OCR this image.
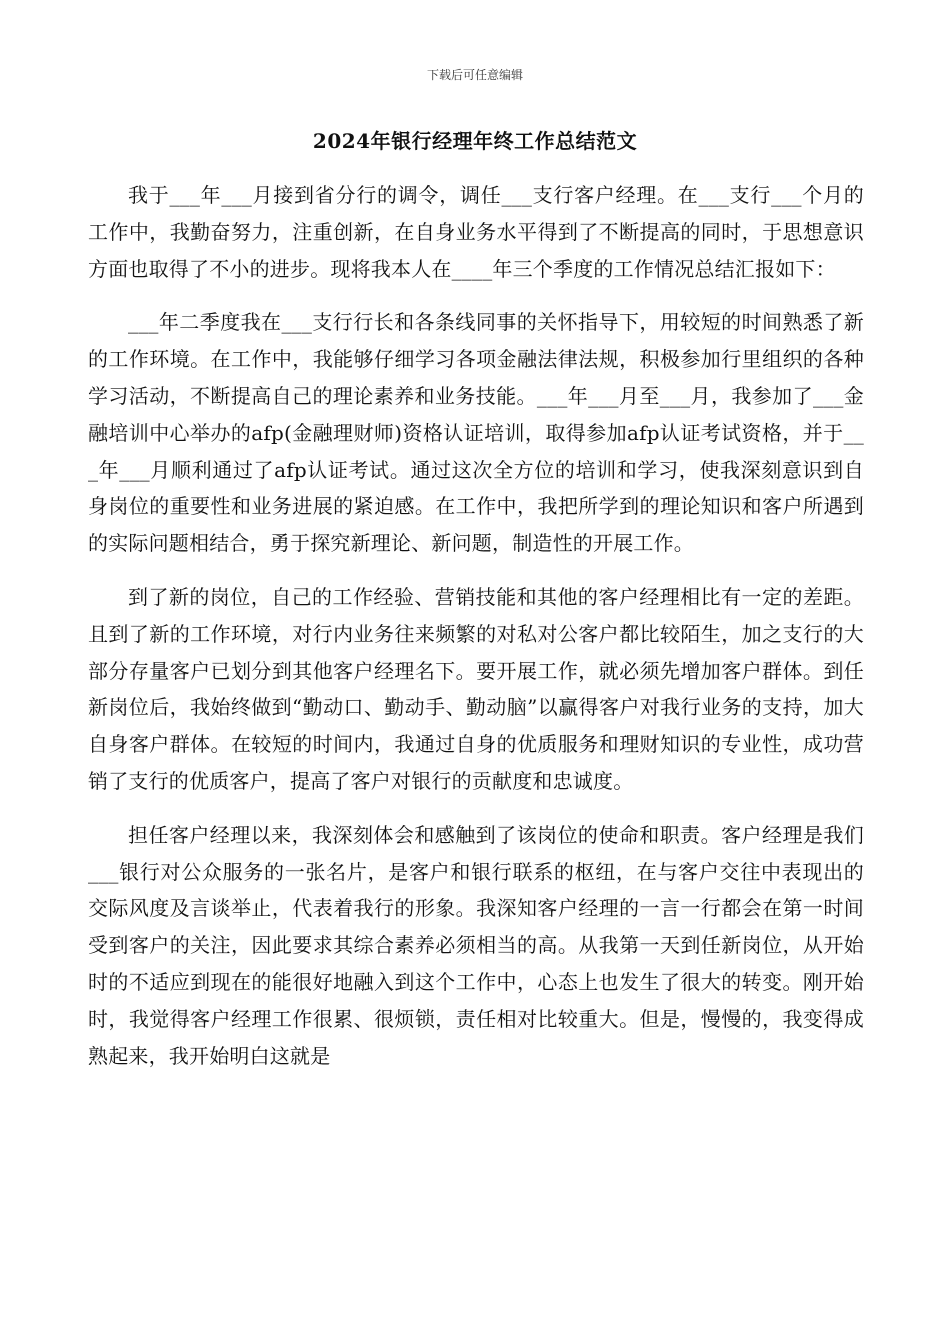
下载后可任意编辑
2024年银行经理年终工作总结范文

我于___年___月接到省分行的调令，调任___支行客户经理。在___支行___个月的工作中，我勤奋努力，注重创新，在自身业务水平得到了不断提高的同时，于思想意识方面也取得了不小的进步。现将我本人在____年三个季度的工作情况总结汇报如下：

___年二季度我在___支行行长和各条线同事的关怀指导下，用较短的时间熟悉了新的工作环境。在工作中，我能够仔细学习各项金融法律法规，积极参加行里组织的各种学习活动，不断提高自己的理论素养和业务技能。___年___月至___月，我参加了___金融培训中心举办的afp(金融理财师)资格认证培训，取得参加afp认证考试资格，并于___年___月顺利通过了afp认证考试。通过这次全方位的培训和学习，使我深刻意识到自身岗位的重要性和业务进展的紧迫感。在工作中，我把所学到的理论知识和客户所遇到的实际问题相结合，勇于探究新理论、新问题，制造性的开展工作。

到了新的岗位，自己的工作经验、营销技能和其他的客户经理相比有一定的差距。且到了新的工作环境，对行内业务往来频繁的对私对公客户都比较陌生，加之支行的大部分存量客户已划分到其他客户经理名下。要开展工作，就必须先增加客户群体。到任新岗位后，我始终做到“勤动口、勤动手、勤动脑”以赢得客户对我行业务的支持，加大自身客户群体。在较短的时间内，我通过自身的优质服务和理财知识的专业性，成功营销了支行的优质客户，提高了客户对银行的贡献度和忠诚度。

担任客户经理以来，我深刻体会和感触到了该岗位的使命和职责。客户经理是我们___银行对公众服务的一张名片，是客户和银行联系的枢纽，在与客户交往中表现出的交际风度及言谈举止，代表着我行的形象。我深知客户经理的一言一行都会在第一时间受到客户的关注，因此要求其综合素养必须相当的高。从我第一天到任新岗位，从开始时的不适应到现在的能很好地融入到这个工作中，心态上也发生了很大的转变。刚开始时，我觉得客户经理工作很累、很烦锁，责任相对比较重大。但是，慢慢的，我变得成熟起来，我开始明白这就是
